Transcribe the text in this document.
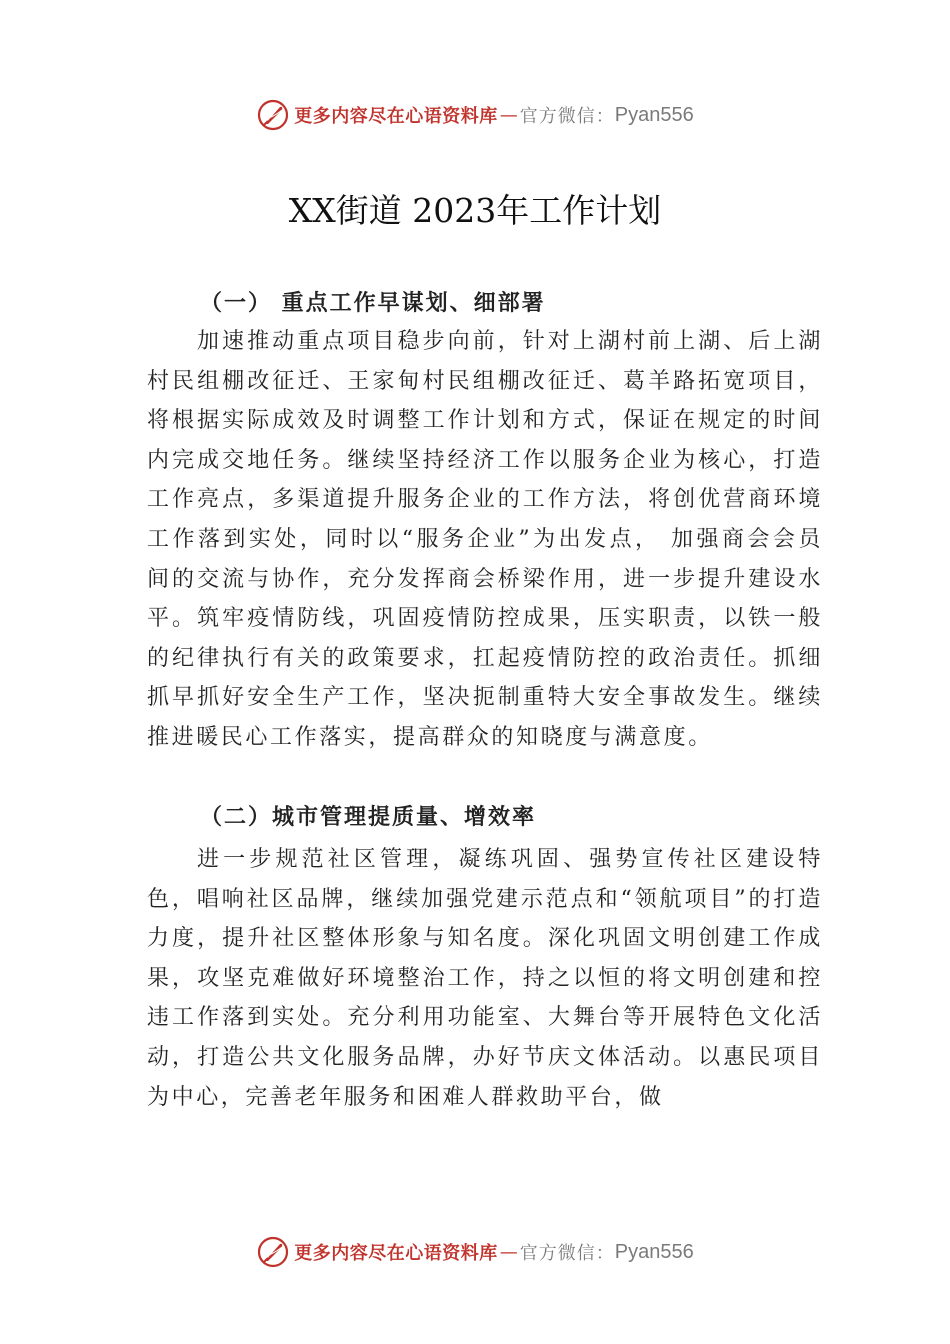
更多内容尽在心语资料库 — 官方微信： Pyan556
XX街道 2023年工作计划
（一） 重点工作早谋划、细部署

加速推动重点项目稳步向前，针对上湖村前上湖、后上湖村民组棚改征迁、王家甸村民组棚改征迁、葛羊路拓宽项目，将根据实际成效及时调整工作计划和方式，保证在规定的时间内完成交地任务。继续坚持经济工作以服务企业为核心，打造工作亮点，多渠道提升服务企业的工作方法，将创优营商环境工作落到实处，同时以“服务企业”为出发点， 加强商会会员间的交流与协作，充分发挥商会桥梁作用，进一步提升建设水平。筑牢疫情防线，巩固疫情防控成果，压实职责，以铁一般的纪律执行有关的政策要求，扛起疫情防控的政治责任。抓细抓早抓好安全生产工作，坚决扼制重特大安全事故发生。继续推进暖民心工作落实，提高群众的知晓度与满意度。

（二）城市管理提质量、增效率

进一步规范社区管理，凝练巩固、强势宣传社区建设特色，唱响社区品牌，继续加强党建示范点和“领航项目”的打造力度，提升社区整体形象与知名度。深化巩固文明创建工作成果，攻坚克难做好环境整治工作，持之以恒的将文明创建和控违工作落到实处。充分利用功能室、大舞台等开展特色文化活动，打造公共文化服务品牌，办好节庆文体活动。以惠民项目为中心，完善老年服务和困难人群救助平台，做

更多内容尽在心语资料库 — 官方微信： Pyan556
